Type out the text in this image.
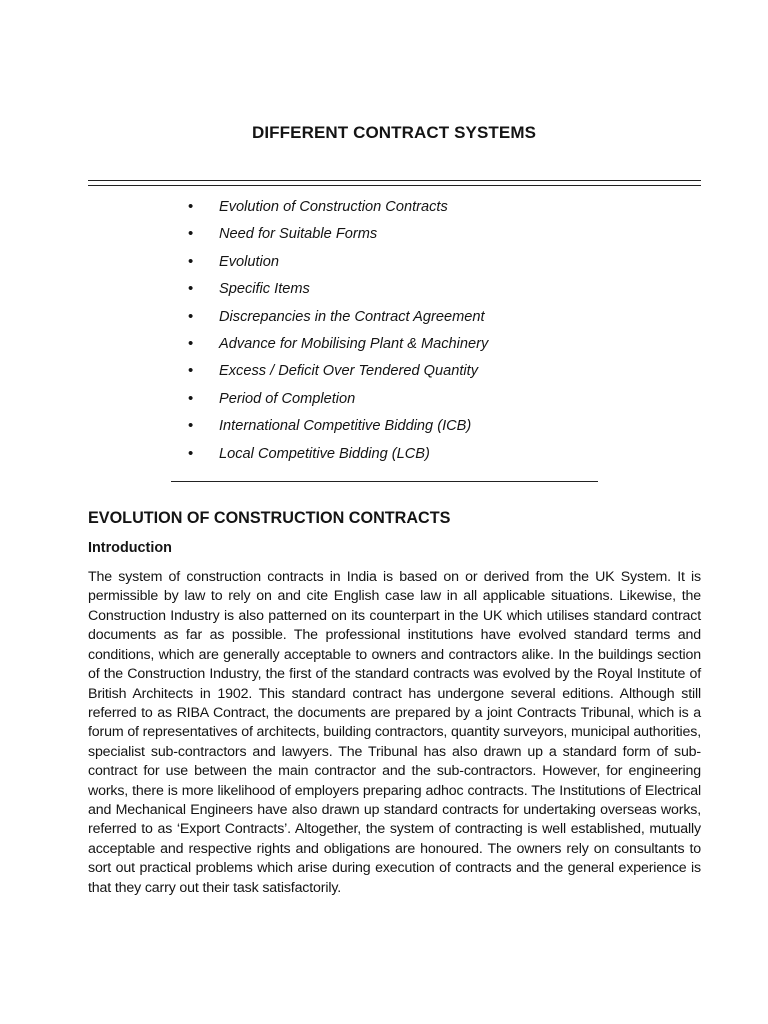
DIFFERENT CONTRACT SYSTEMS
• Evolution of Construction Contracts
• Need for Suitable Forms
• Evolution
• Specific Items
• Discrepancies in the Contract Agreement
• Advance for Mobilising Plant & Machinery
• Excess / Deficit Over Tendered Quantity
• Period of Completion
• International Competitive Bidding (ICB)
• Local Competitive Bidding (LCB)
EVOLUTION OF CONSTRUCTION CONTRACTS
Introduction

The system of construction contracts in India is based on or derived from the UK System. It is permissible by law to rely on and cite English case law in all applicable situations. Likewise, the Construction Industry is also patterned on its counterpart in the UK which utilises standard contract documents as far as possible. The professional institutions have evolved standard terms and conditions, which are generally acceptable to owners and contractors alike. In the buildings section of the Construction Industry, the first of the standard contracts was evolved by the Royal Institute of British Architects in 1902. This standard contract has undergone several editions. Although still referred to as RIBA Contract, the documents are prepared by a joint Contracts Tribunal, which is a forum of representatives of architects, building contractors, quantity surveyors, municipal authorities, specialist sub-contractors and lawyers. The Tribunal has also drawn up a standard form of sub-contract for use between the main contractor and the sub-contractors. However, for engineering works, there is more likelihood of employers preparing adhoc contracts. The Institutions of Electrical and Mechanical Engineers have also drawn up standard contracts for undertaking overseas works, referred to as ‘Export Contracts’. Altogether, the system of contracting is well established, mutually acceptable and respective rights and obligations are honoured. The owners rely on consultants to sort out practical problems which arise during execution of contracts and the general experience is that they carry out their task satisfactorily.
